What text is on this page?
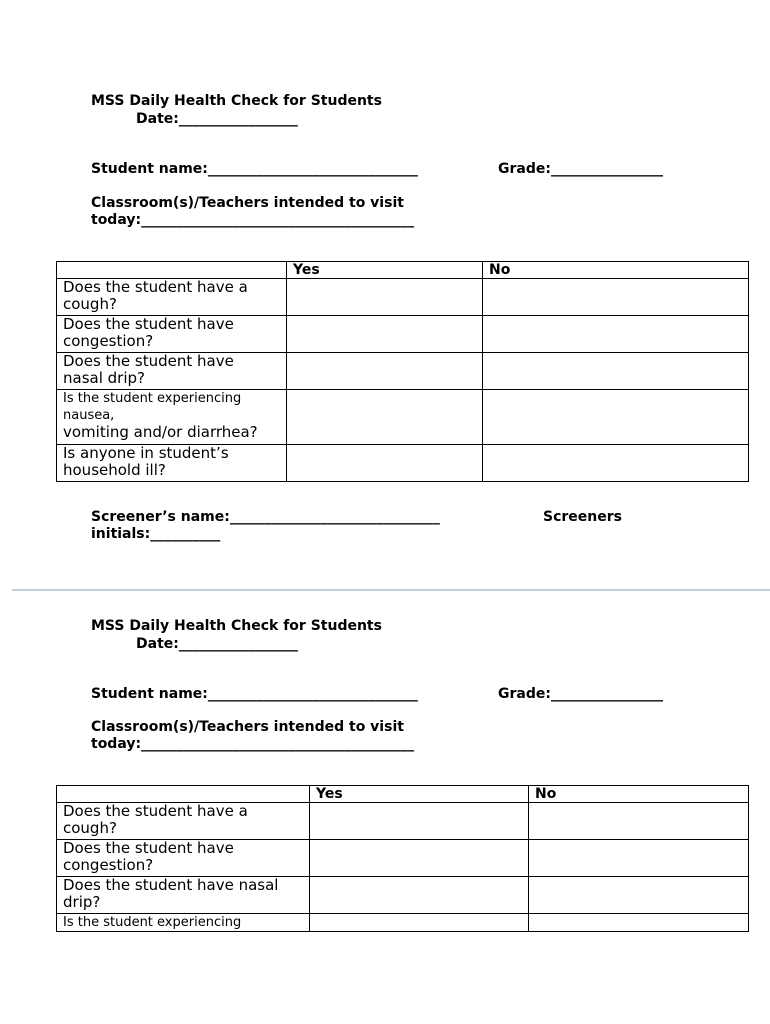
MSS Daily Health Check for Students
Date:_________________
Student name:______________________________	Grade:________________
Classroom(s)/Teachers intended to visit
today:_______________________________________
	Yes	No

Does the student have a
cough?		

Does the student have
congestion?		

Does the student have
nasal drip?		

Is the student experiencing
nausea,
vomiting and/or diarrhea?		

Is anyone in student’s
household ill?		

Screener’s name:______________________________	Screeners
initials:__________
MSS Daily Health Check for Students
Date:_________________
Student name:______________________________	Grade:________________
Classroom(s)/Teachers intended to visit
today:_______________________________________
	Yes	No

Does the student have a
cough?		

Does the student have
congestion?		

Does the student have nasal
drip?		

Is the student experiencing		
